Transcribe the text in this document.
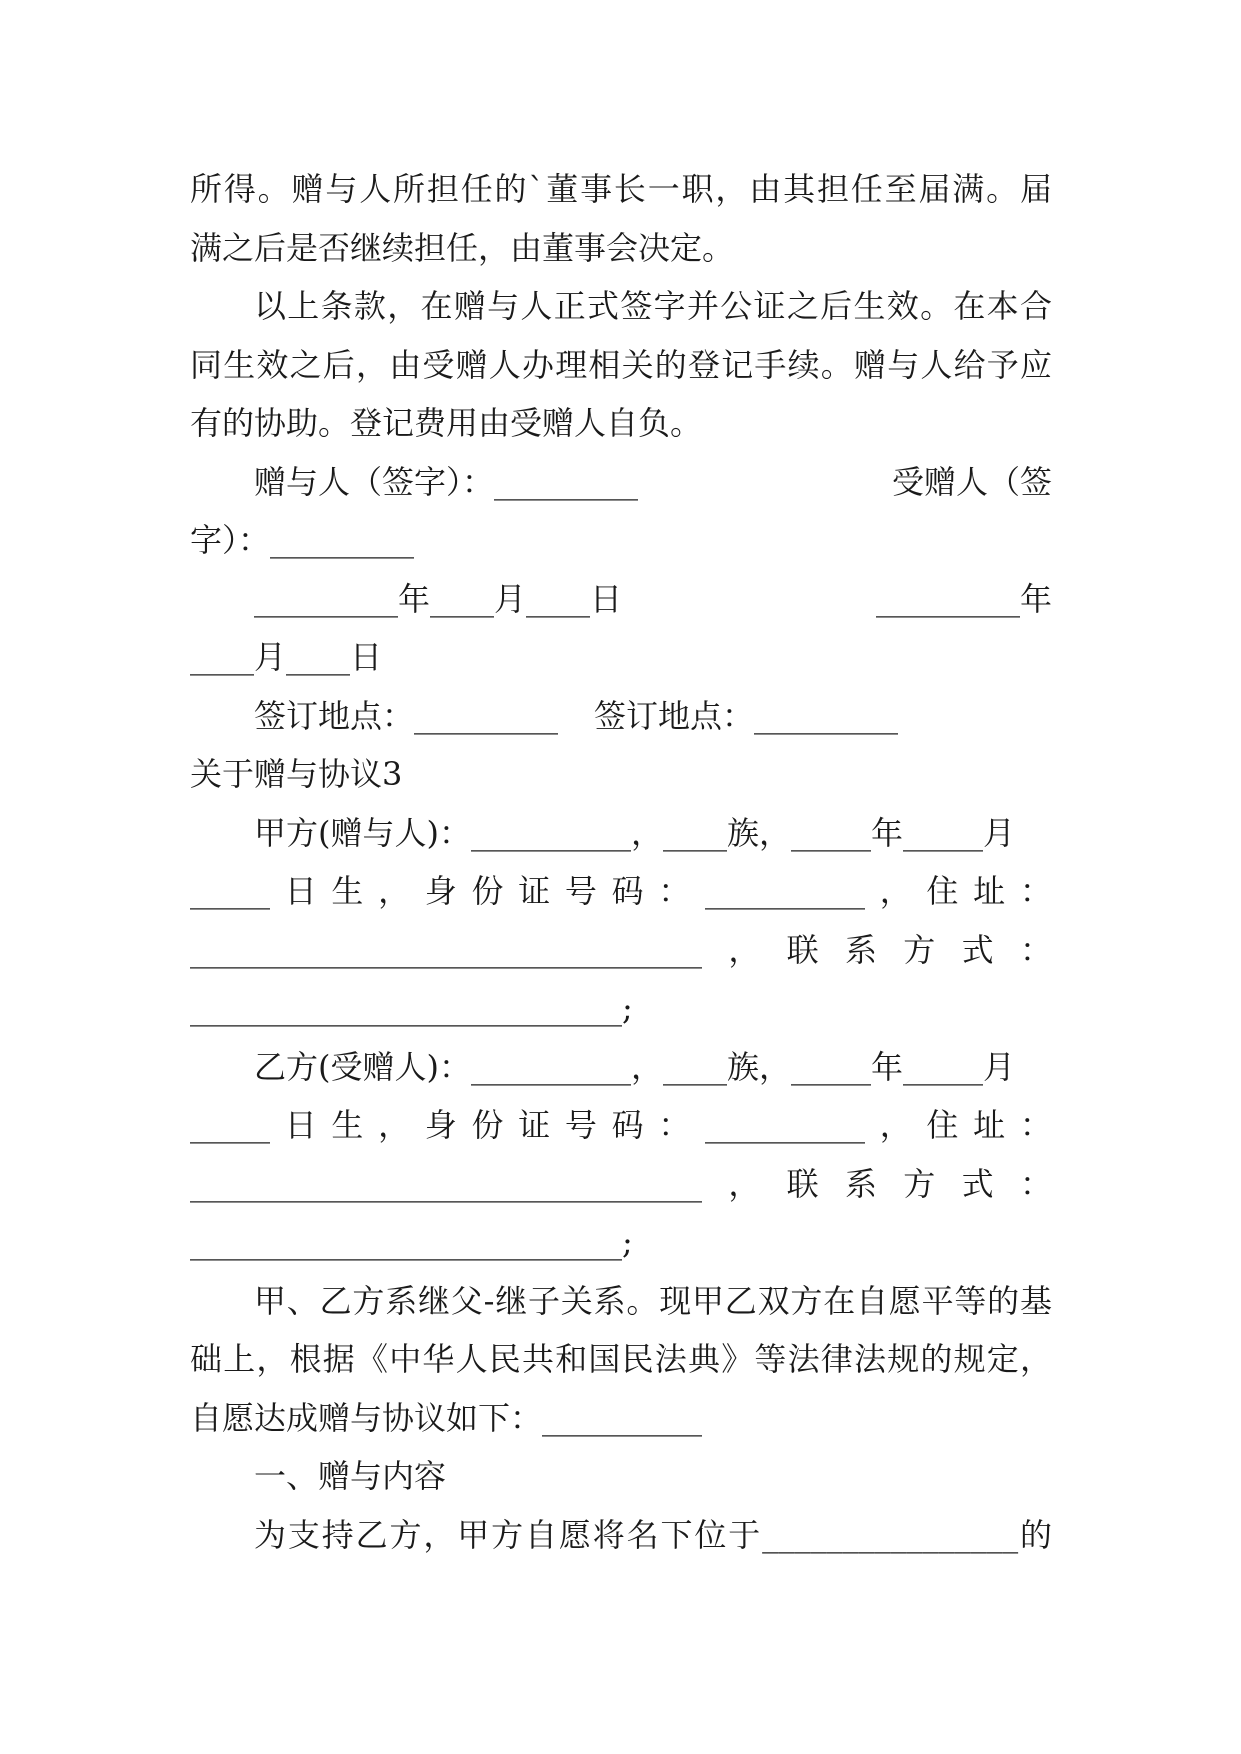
所得。赠与人所担任的`董事长一职，由其担任至届满。届

满之后是否继续担任，由董事会决定。

以上条款，在赠与人正式签字并公证之后生效。在本合同生效之后，由受赠人办理相关的登记手续。赠与人给予应有的协助。登记费用由受赠人自负。

赠与人（签字）：_________	受赠人（签

字）：_________

_________年____月____日	_________年

____月____日

签订地点：_________ 签订地点：_________

关于赠与协议3

甲方(赠与人)：__________，____族，_____年_____月

_____ 日 生 ， 身 份 证 号 码 ： __________ ， 住 址 ：
________________________________ ， 联 系 方 式 ：

___________________________;

乙方(受赠人)：__________，____族，_____年_____月

_____ 日 生 ， 身 份 证 号 码 ： __________ ， 住 址 ：
________________________________ ， 联 系 方 式 ：

___________________________;

甲、乙方系继父-继子关系。现甲乙双方在自愿平等的基础上，根据《中华人民共和国民法典》等法律法规的规定，自愿达成赠与协议如下：__________

一、赠与内容

为支持乙方，甲方自愿将名下位于________________的
